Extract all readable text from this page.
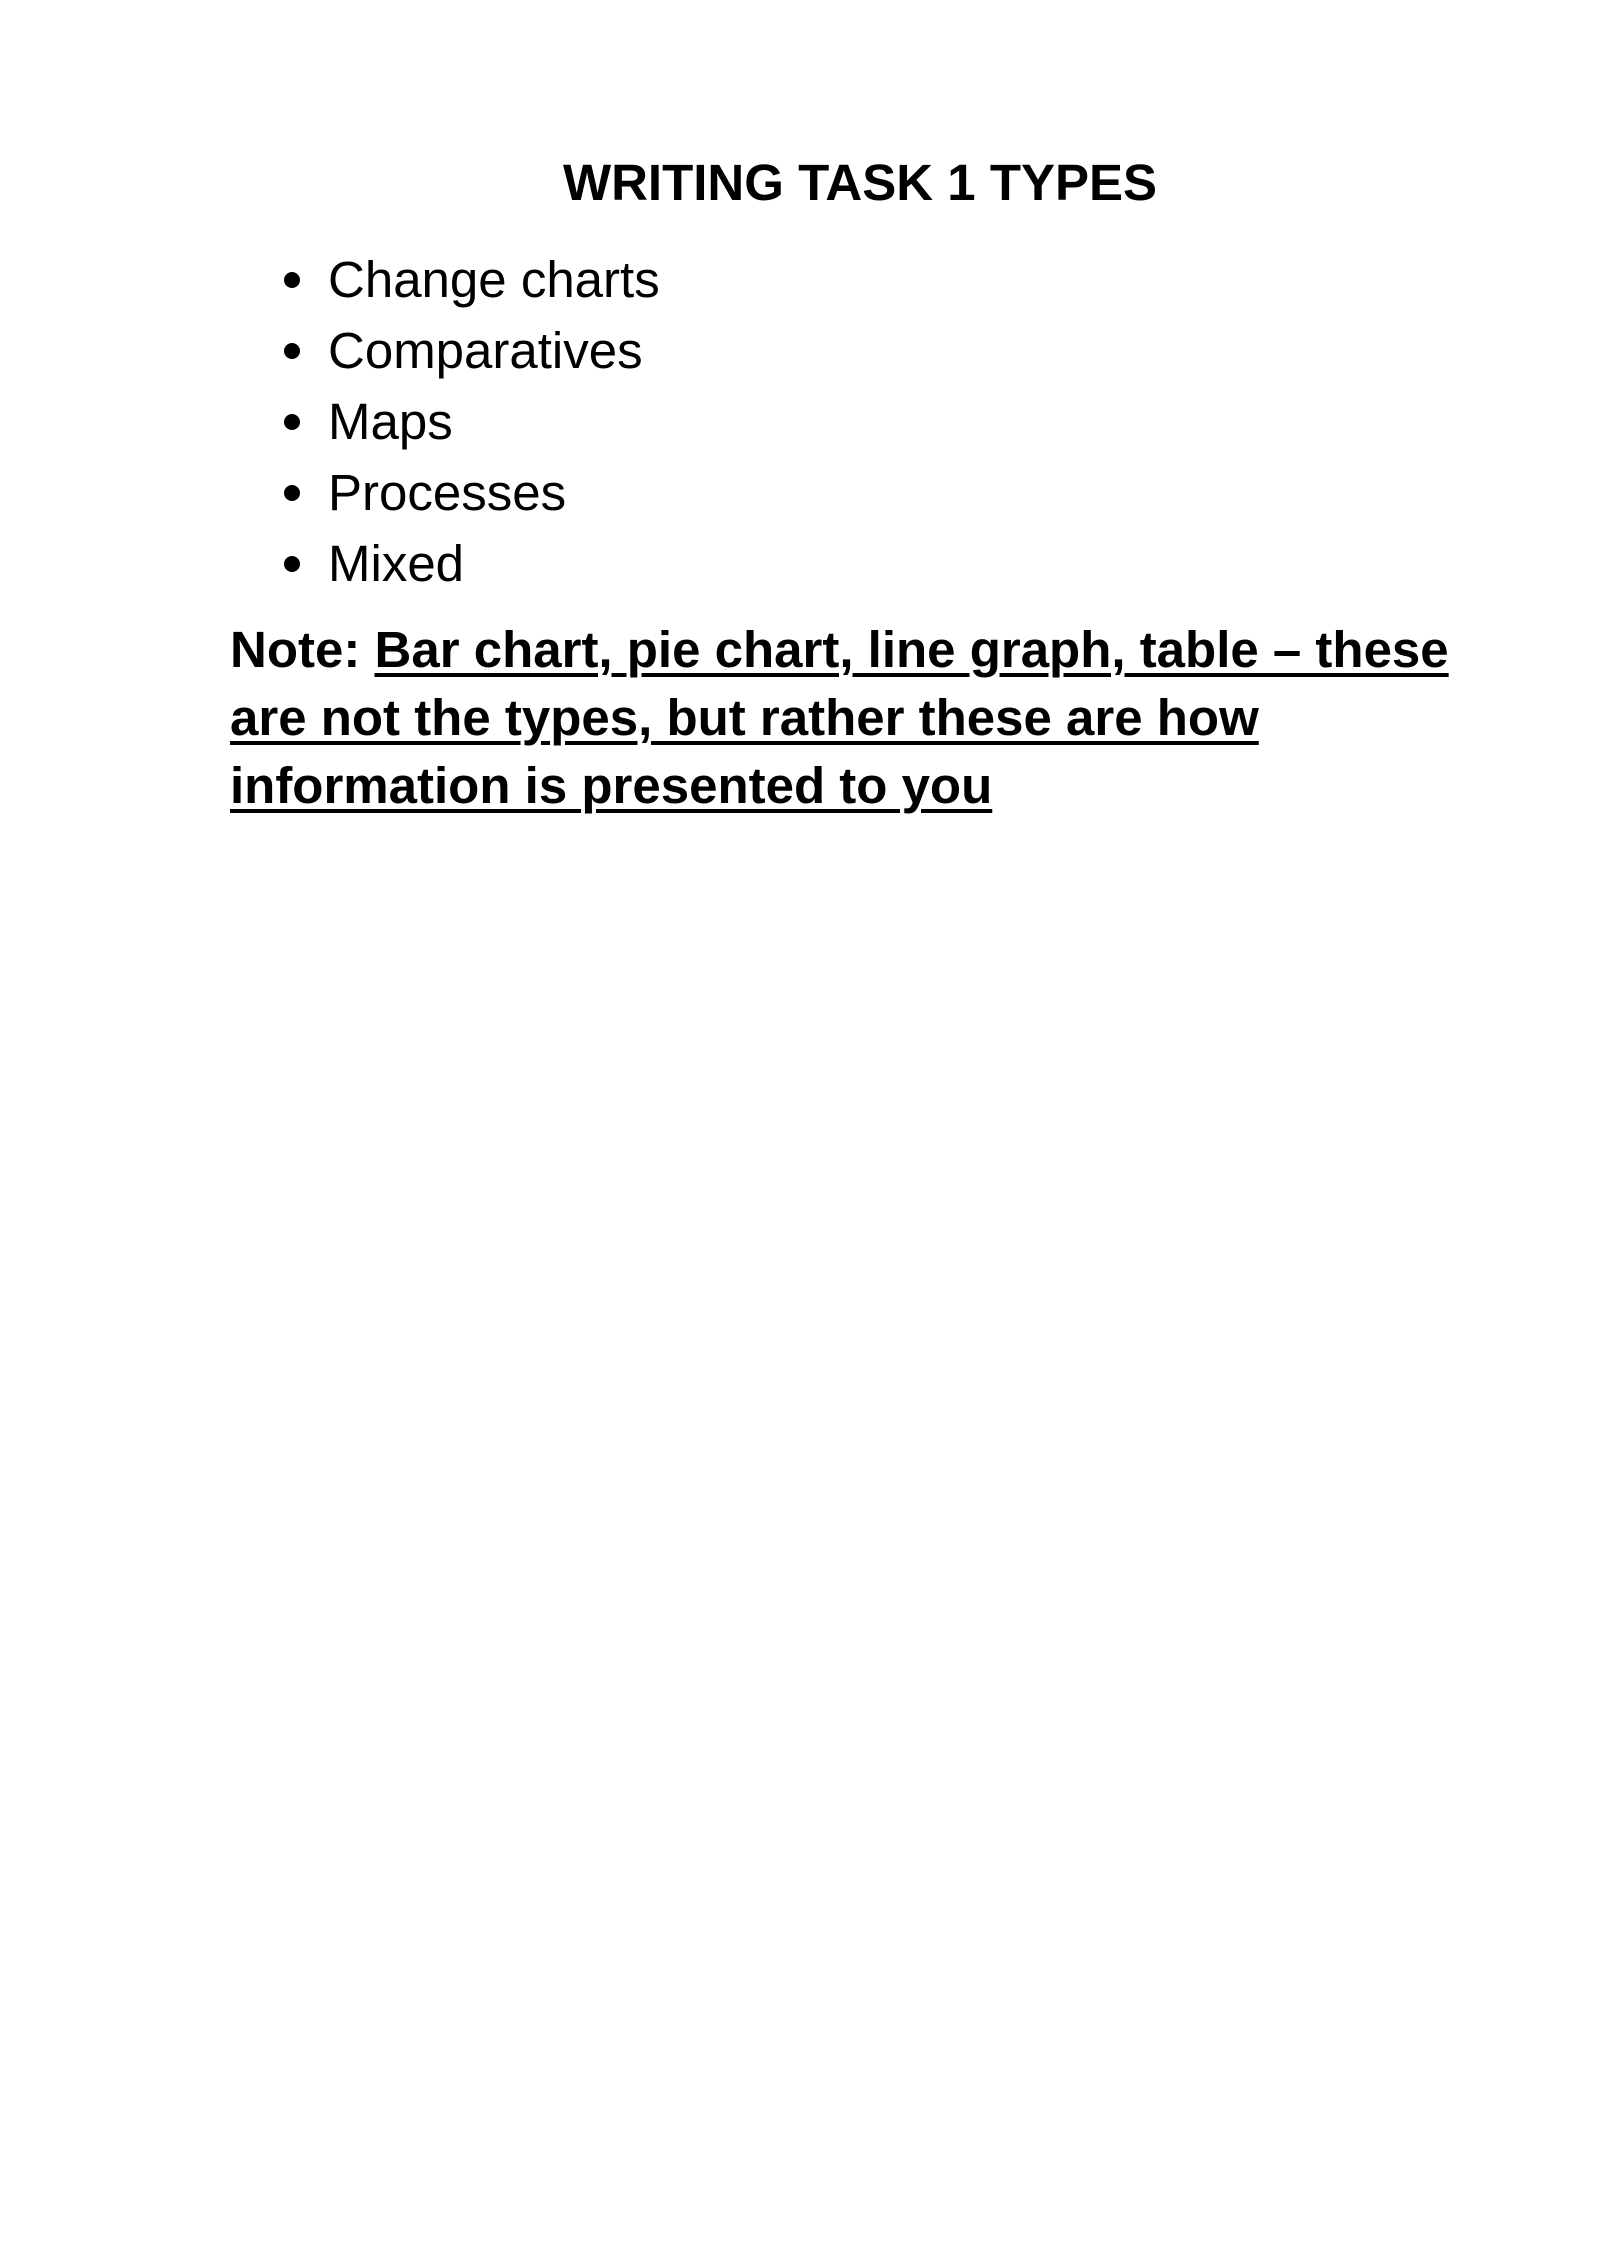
WRITING TASK 1 TYPES
Change charts
Comparatives
Maps
Processes
Mixed

Note: Bar chart, pie chart, line graph, table – these are not the types, but rather these are how information is presented to you
